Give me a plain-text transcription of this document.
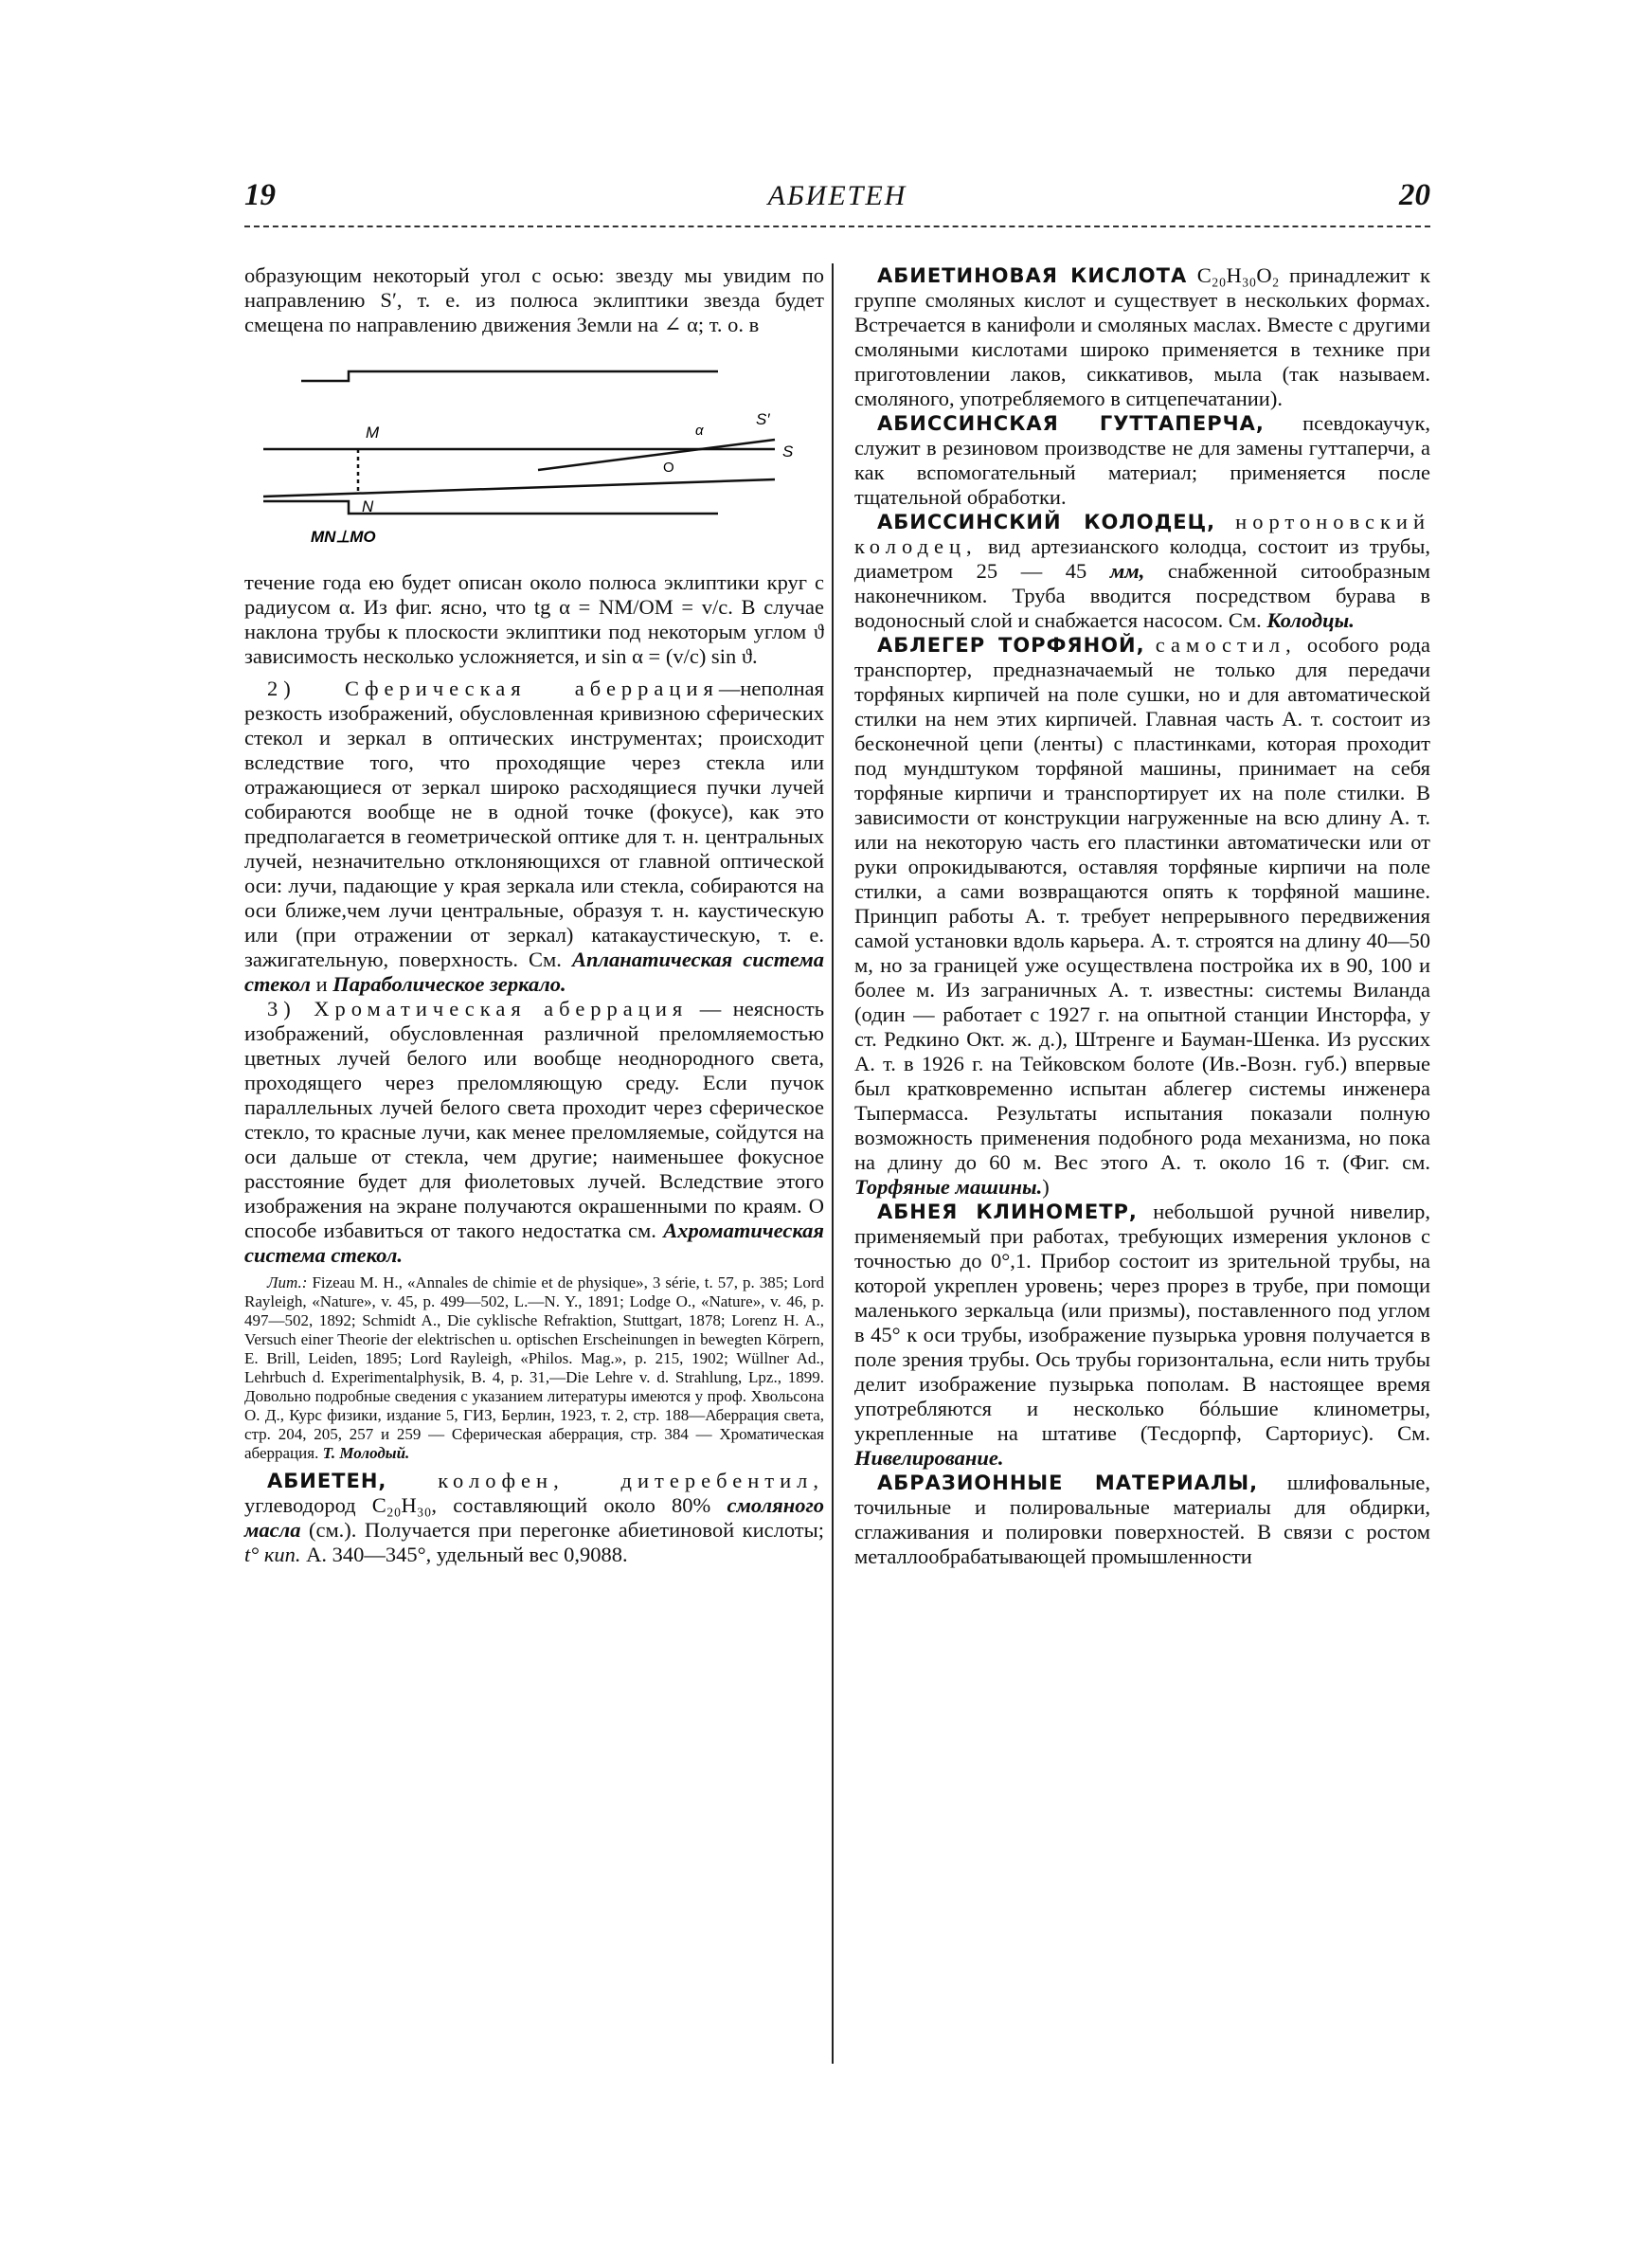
19	АБИЕТЕН	20

образующим некоторый угол с осью: звезду мы увидим по направлению S′, т. е. из полюса эклиптики звезда будет смещена по направлению движения Земли на ∠ α; т. о. в

M
N
O
α
S′
S
MN⊥MO

течение года ею будет описан около полюса эклиптики круг с радиусом α. Из фиг. ясно, что tg α = NM/OM = v/c. В случае наклона трубы к плоскости эклиптики под некоторым углом ϑ зависимость несколько усложняется, и sin α = (v/c) sin ϑ.

2) Сферическая аберрация—неполная резкость изображений, обусловленная кривизною сферических стекол и зеркал в оптических инструментах; происходит вследствие того, что проходящие через стекла или отражающиеся от зеркал широко расходящиеся пучки лучей собираются вообще не в одной точке (фокусе), как это предполагается в геометрической оптике для т. н. центральных лучей, незначительно отклоняющихся от главной оптической оси: лучи, падающие у края зеркала или стекла, собираются на оси ближе,чем лучи центральные, образуя т. н. каустическую или (при отражении от зеркал) катакаустическую, т. е. зажигательную, поверхность. См. Апланатическая система стекол и Параболическое зеркало.

3) Хроматическая аберрация — неясность изображений, обусловленная различной преломляемостью цветных лучей белого или вообще неоднородного света, проходящего через преломляющую среду. Если пучок параллельных лучей белого света проходит через сферическое стекло, то красные лучи, как менее преломляемые, сойдутся на оси дальше от стекла, чем другие; наименьшее фокусное расстояние будет для фиолетовых лучей. Вследствие этого изображения на экране получаются окрашенными по краям. О способе избавиться от такого недостатка см. Ахроматическая система стекол.

Лит.: Fizeau M. H., «Annales de chimie et de physique», 3 série, t. 57, p. 385; Lord Rayleigh, «Nature», v. 45, p. 499—502, L.—N. Y., 1891; Lodge O., «Nature», v. 46, p. 497—502, 1892; Schmidt A., Die cyklische Refraktion, Stuttgart, 1878; Lorenz H. A., Versuch einer Theorie der elektrischen u. optischen Erscheinungen in bewegten Körpern, E. Brill, Leiden, 1895; Lord Rayleigh, «Philos. Mag.», p. 215, 1902; Wüllner Ad., Lehrbuch d. Experimentalphysik, B. 4, p. 31,—Die Lehre v. d. Strahlung, Lpz., 1899. Довольно подробные сведения с указанием литературы имеются у проф. Хвольсона О. Д., Курс физики, издание 5, ГИЗ, Берлин, 1923, т. 2, стр. 188—Аберрация света, стр. 204, 205, 257 и 259 — Сферическая аберрация, стр. 384 — Хроматическая аберрация. Т. Молодый.

АБИЕТЕН, колофен, дитеребентил, углеводород C₂₀H₃₀, составляющий около 80% смоляного масла (см.). Получается при перегонке абиетиновой кислоты; t° кип. А. 340—345°, удельный вес 0,9088.

АБИЕТИНОВАЯ КИСЛОТА C₂₀H₃₀O₂ принадлежит к группе смоляных кислот и существует в нескольких формах. Встречается в канифоли и смоляных маслах. Вместе с другими смоляными кислотами широко применяется в технике при приготовлении лаков, сиккативов, мыла (так называем. смоляного, употребляемого в ситцепечатании).

АБИССИНСКАЯ ГУТТАПЕРЧА, псевдокаучук, служит в резиновом производстве не для замены гуттаперчи, а как вспомогательный материал; применяется после тщательной обработки.

АБИССИНСКИЙ КОЛОДЕЦ, нортоновский колодец, вид артезианского колодца, состоит из трубы, диаметром 25 — 45 мм, снабженной ситообразным наконечником. Труба вводится посредством бурава в водоносный слой и снабжается насосом. См. Колодцы.

АБЛЕГЕР ТОРФЯНОЙ, самостил, особого рода транспортер, предназначаемый не только для передачи торфяных кирпичей на поле сушки, но и для автоматической стилки на нем этих кирпичей. Главная часть А. т. состоит из бесконечной цепи (ленты) с пластинками, которая проходит под мундштуком торфяной машины, принимает на себя торфяные кирпичи и транспортирует их на поле стилки. В зависимости от конструкции нагруженные на всю длину А. т. или на некоторую часть его пластинки автоматически или от руки опрокидываются, оставляя торфяные кирпичи на поле стилки, а сами возвращаются опять к торфяной машине. Принцип работы А. т. требует непрерывного передвижения самой установки вдоль карьера. А. т. строятся на длину 40—50 м, но за границей уже осуществлена постройка их в 90, 100 и более м. Из заграничных А. т. известны: системы Виланда (один — работает с 1927 г. на опытной станции Инсторфа, у ст. Редкино Окт. ж. д.), Штренге и Бауман-Шенка. Из русских А. т. в 1926 г. на Тейковском болоте (Ив.-Возн. губ.) впервые был кратковременно испытан аблегер системы инженера Тыпермасса. Результаты испытания показали полную возможность применения подобного рода механизма, но пока на длину до 60 м. Вес этого А. т. около 16 т. (Фиг. см. Торфяные машины.)

АБНЕЯ КЛИНОМЕТР, небольшой ручной нивелир, применяемый при работах, требующих измерения уклонов с точностью до 0°,1. Прибор состоит из зрительной трубы, на которой укреплен уровень; через прорез в трубе, при помощи маленького зеркальца (или призмы), поставленного под углом в 45° к оси трубы, изображение пузырька уровня получается в поле зрения трубы. Ось трубы горизонтальна, если нить трубы делит изображение пузырька пополам. В настоящее время употребляются и несколько бóльшие клинометры, укрепленные на штативе (Тесдорпф, Сарториус). См. Нивелирование.

АБРАЗИОННЫЕ МАТЕРИАЛЫ, шлифовальные, точильные и полировальные материалы для обдирки, сглаживания и полировки поверхностей. В связи с ростом металлообрабатывающей промышленности
